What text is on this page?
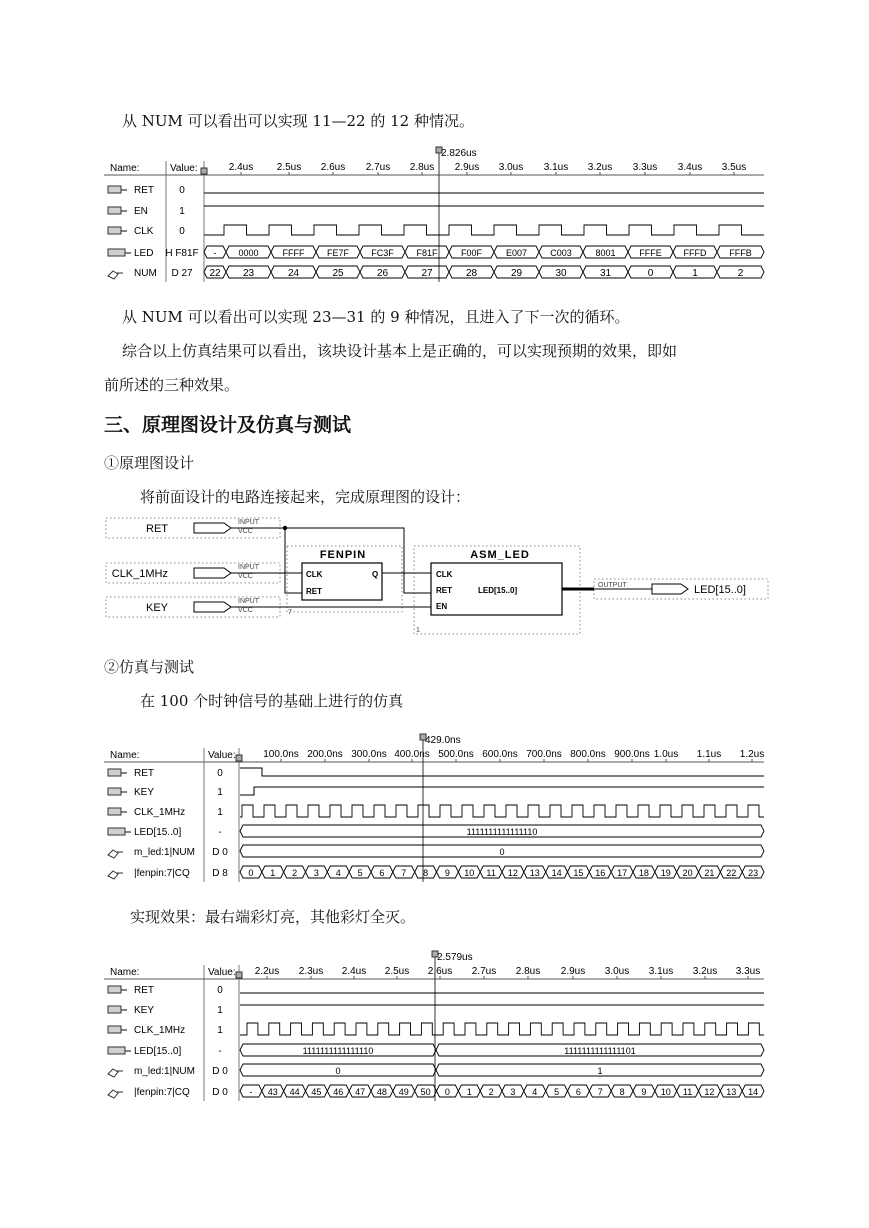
从 NUM 可以看出可以实现 11—22 的 12 种情况。
Name:	Value:	2.4us 2.5us 2.6us 2.7us 2.8us 2.9us 3.0us 3.1us 3.2us 3.3us 3.4us 3.5us
2.826us
RET	0
EN	1
CLK	0
LED H F81F
NUM D 27
- 0000	FFFF FE7F FC3F	F81F	F00F	E007	C003	8001	FFFE FFFD	FFFB
22 23	24	25	26	27	28	29	30	31	0	1	2
从 NUM 可以看出可以实现 23—31 的 9 种情况，且进入了下一次的循环。
综合以上仿真结果可以看出，该块设计基本上是正确的，可以实现预期的效果，即如
前所述的三种效果。
三、原理图设计及仿真与测试
①原理图设计
将前面设计的电路连接起来，完成原理图的设计：
RET
INPUT
VCC
CLK_1MHz
INPUT
VCC
KEY
INPUT
VCC
FENPIN
CLK
RET
Q
7
ASM_LED
CLK
RET
EN
LED[15..0]
1
OUTPUT	LED[15..0]
②仿真与测试
在 100 个时钟信号的基础上进行的仿真
Name:	Value:	100.0ns 200.0ns 300.0ns 400.0ns 500.0ns 600.0ns 700.0ns 800.0ns 900.0ns 1.0us 1.1us 1.2us
429.0ns
RET	0
KEY	1
CLK_1MHz	1
LED[15..0]	-
m_led:1|NUM D 0
|fenpin:7|CQ D 8
1111111111111110
0
0 1 2 3 4 5 6 7 8 9 10 11 12 13 14 15 16 17 18 19 20 21 22 23
实现效果：最右端彩灯亮，其他彩灯全灭。
Name:	Value: 2.2us 2.3us 2.4us 2.5us 2.6us 2.7us 2.8us 2.9us 3.0us 3.1us 3.2us 3.3us
2.579us
RET	0
KEY	1
CLK_1MHz	1
LED[15..0]	-
m_led:1|NUM D 0
|fenpin:7|CQ D 0
1111111111111110	1111111111111101
0	1
- 43 44 45 46 47 48 49 50 0 1 2 3 4 5 6 7 8 9 10 11 12 13 14
